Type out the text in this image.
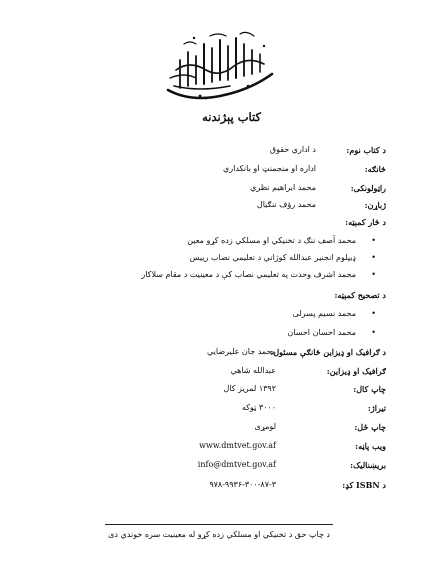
کتاب پېژندنه
د کتاب نوم:
د اداري حقوق
څانګه:
اداره او منجمنټ او بانکداري
راټولونکی:
محمد ابراهیم نظري
ژباړن:
محمد رؤف ننګیال
د څار کمېټه:
•
محمد آصف ننګ د تخنیکي او مسلکي زده کړو معین
•
ډیپلوم انجنیر عبدالله کوژاني د تعلیمي نصاب رییس
•
محمد اشرف وحدت په تعلیمي نصاب کې د معینیت د مقام سلاکار
د تصحیح کمېټه:
•
محمد نسیم پسرلی
•
محمد احسان احسان
د ګرافیک او ډیزاین څانګې مسئول:
محمد جان علیرضایي
ګرافیک او ډیزاین:
عبدالله شاهي
چاپ کال:
۱۳۹۲ لمریز کال
تیراژ:
۳۰۰۰ ټوکه
چاپ ځل:
لومړی
ویب پاڼه:
www.dmtvet.gov.af
بریښنالیک:
info@dmtvet.gov.af
د ISBN کډ:
۹۷۸-۹۹۳۶-۳۰۰-۸۷-۳
د چاپ حق د تخنیکي او مسلکي زده کړو له معینیت سره خوندي دی
